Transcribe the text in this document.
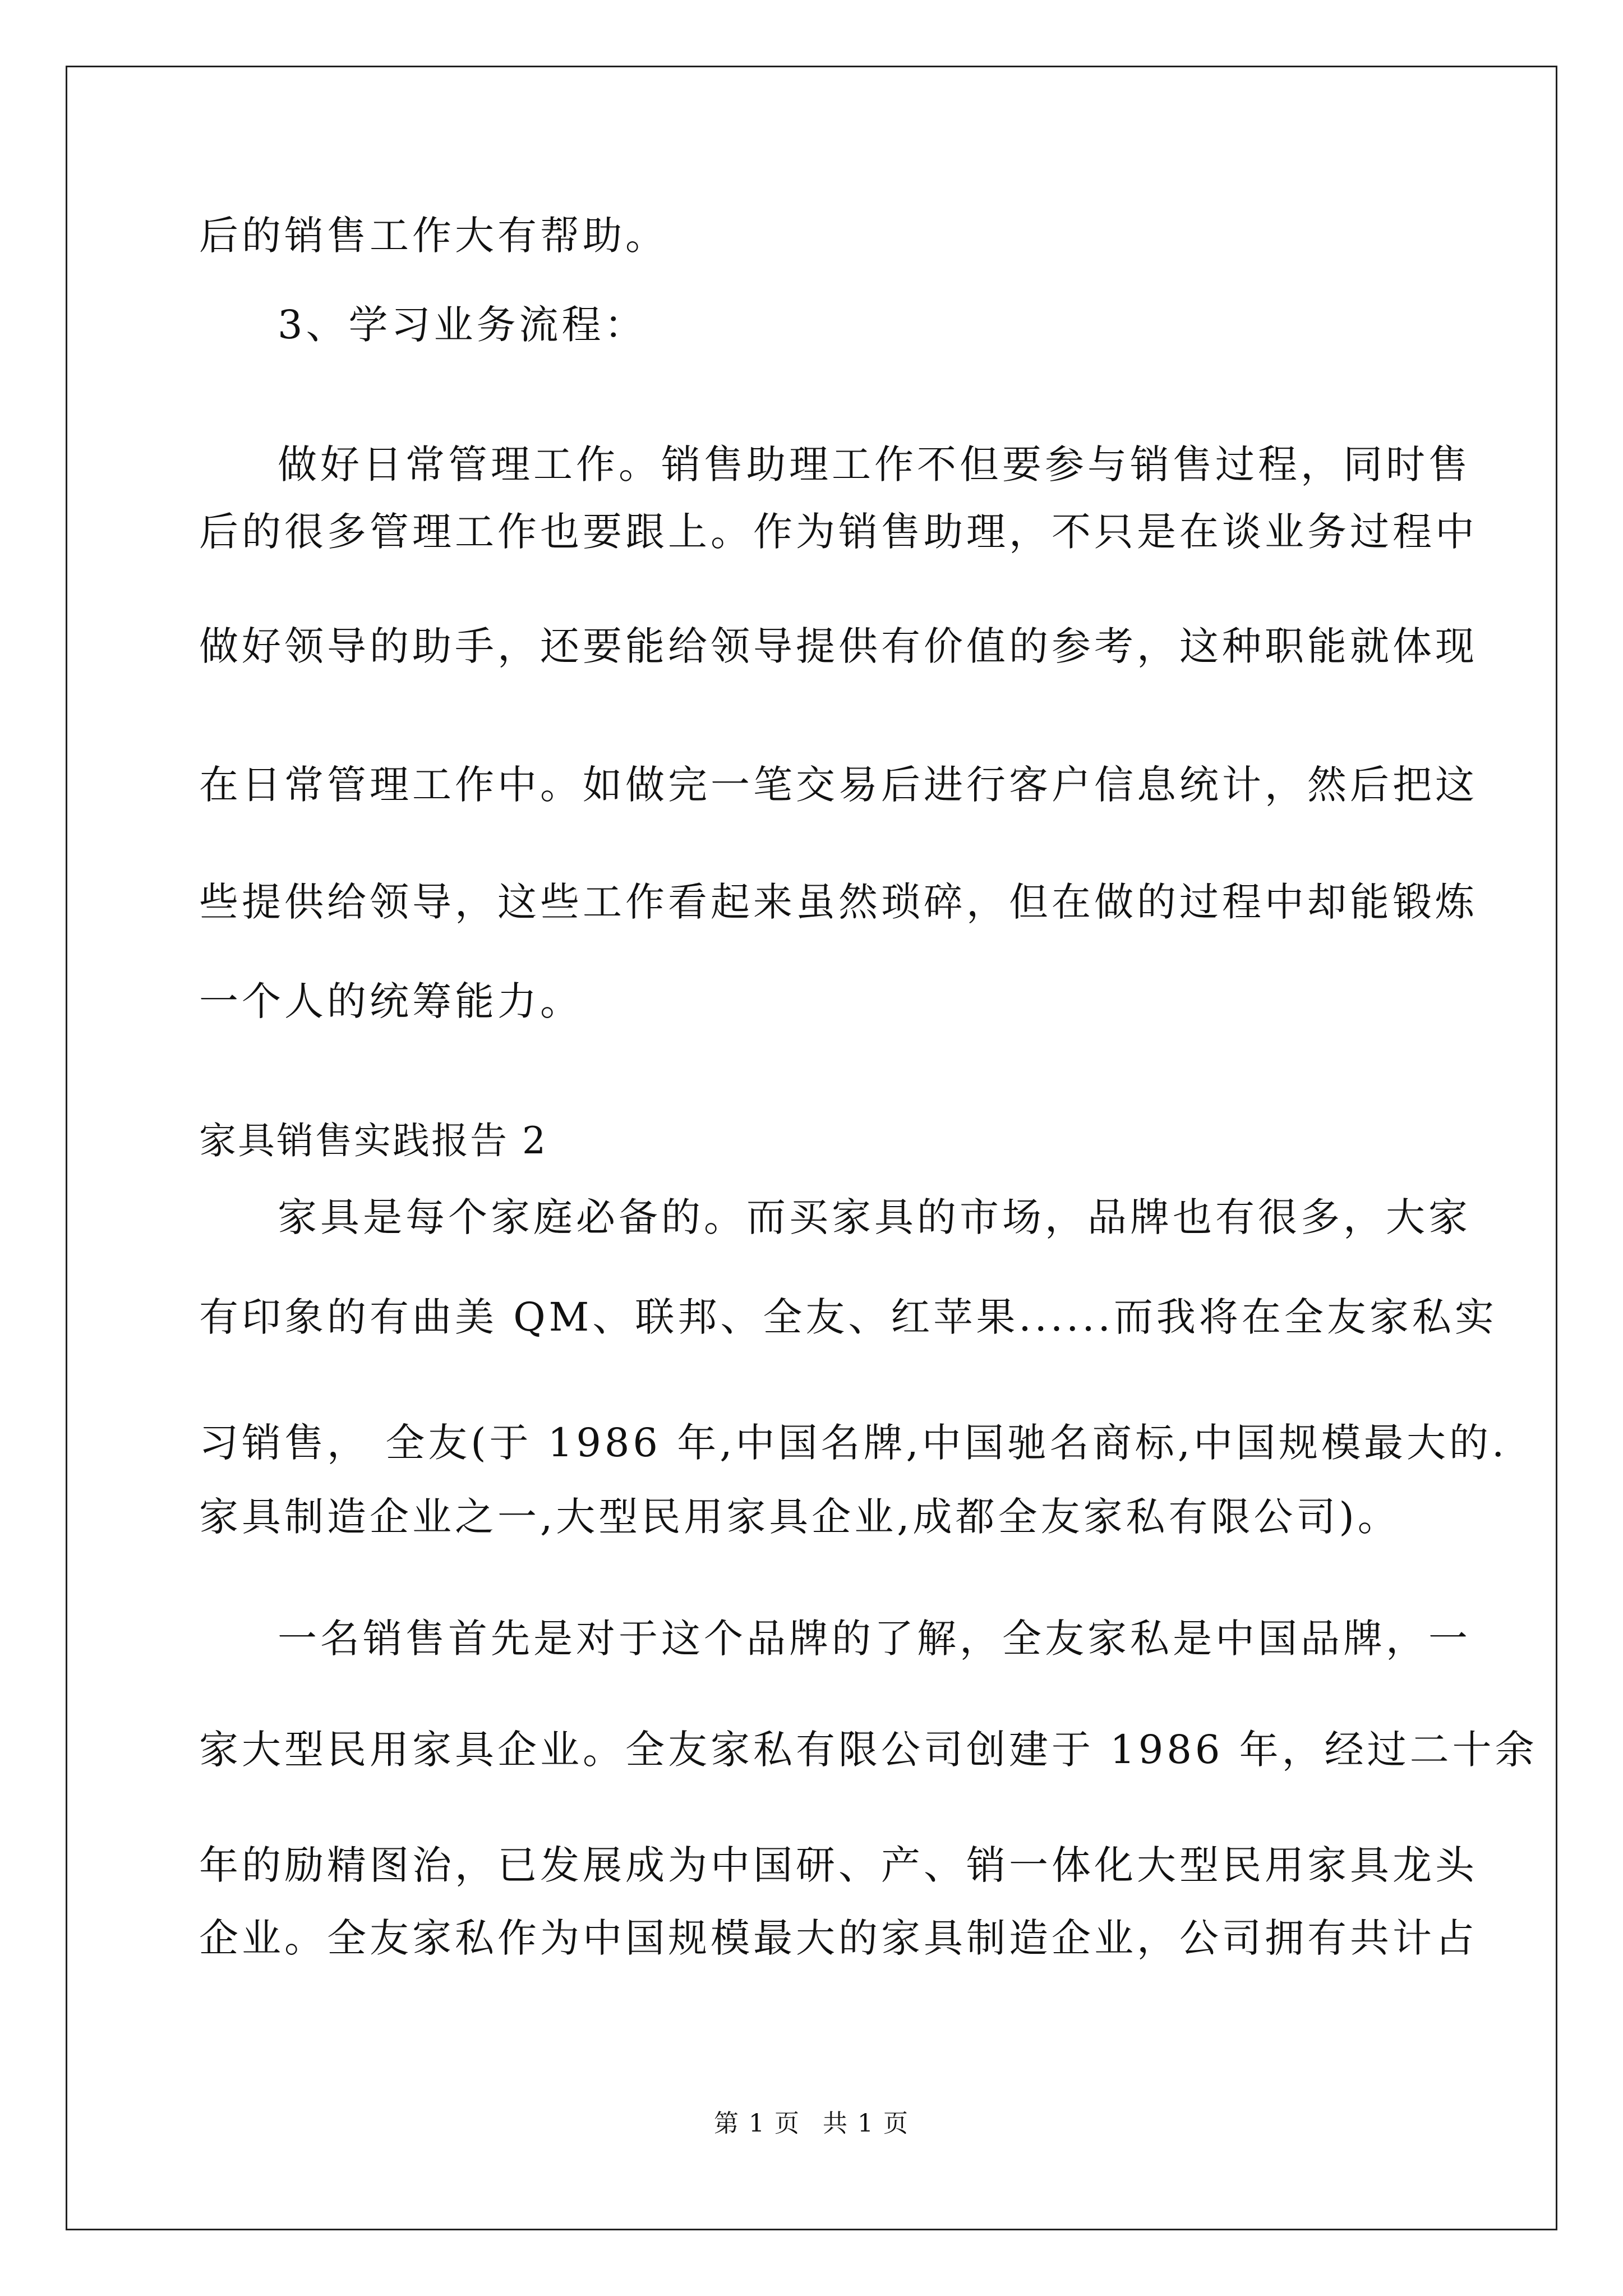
后的销售工作大有帮助。
3、学习业务流程：
做好日常管理工作。销售助理工作不但要参与销售过程，同时售
后的很多管理工作也要跟上。作为销售助理，不只是在谈业务过程中
做好领导的助手，还要能给领导提供有价值的参考，这种职能就体现
在日常管理工作中。如做完一笔交易后进行客户信息统计，然后把这
些提供给领导，这些工作看起来虽然琐碎，但在做的过程中却能锻炼
一个人的统筹能力。
家具销售实践报告 2
家具是每个家庭必备的。而买家具的市场，品牌也有很多，大家
有印象的有曲美 QM、联邦、全友、红苹果......而我将在全友家私实
习销售， 全友(于 1986 年,中国名牌,中国驰名商标,中国规模最大的.
家具制造企业之一,大型民用家具企业,成都全友家私有限公司)。
一名销售首先是对于这个品牌的了解，全友家私是中国品牌，一
家大型民用家具企业。全友家私有限公司创建于 1986 年，经过二十余
年的励精图治，已发展成为中国研、产、销一体化大型民用家具龙头
企业。全友家私作为中国规模最大的家具制造企业，公司拥有共计占
第 1 页 共 1 页
